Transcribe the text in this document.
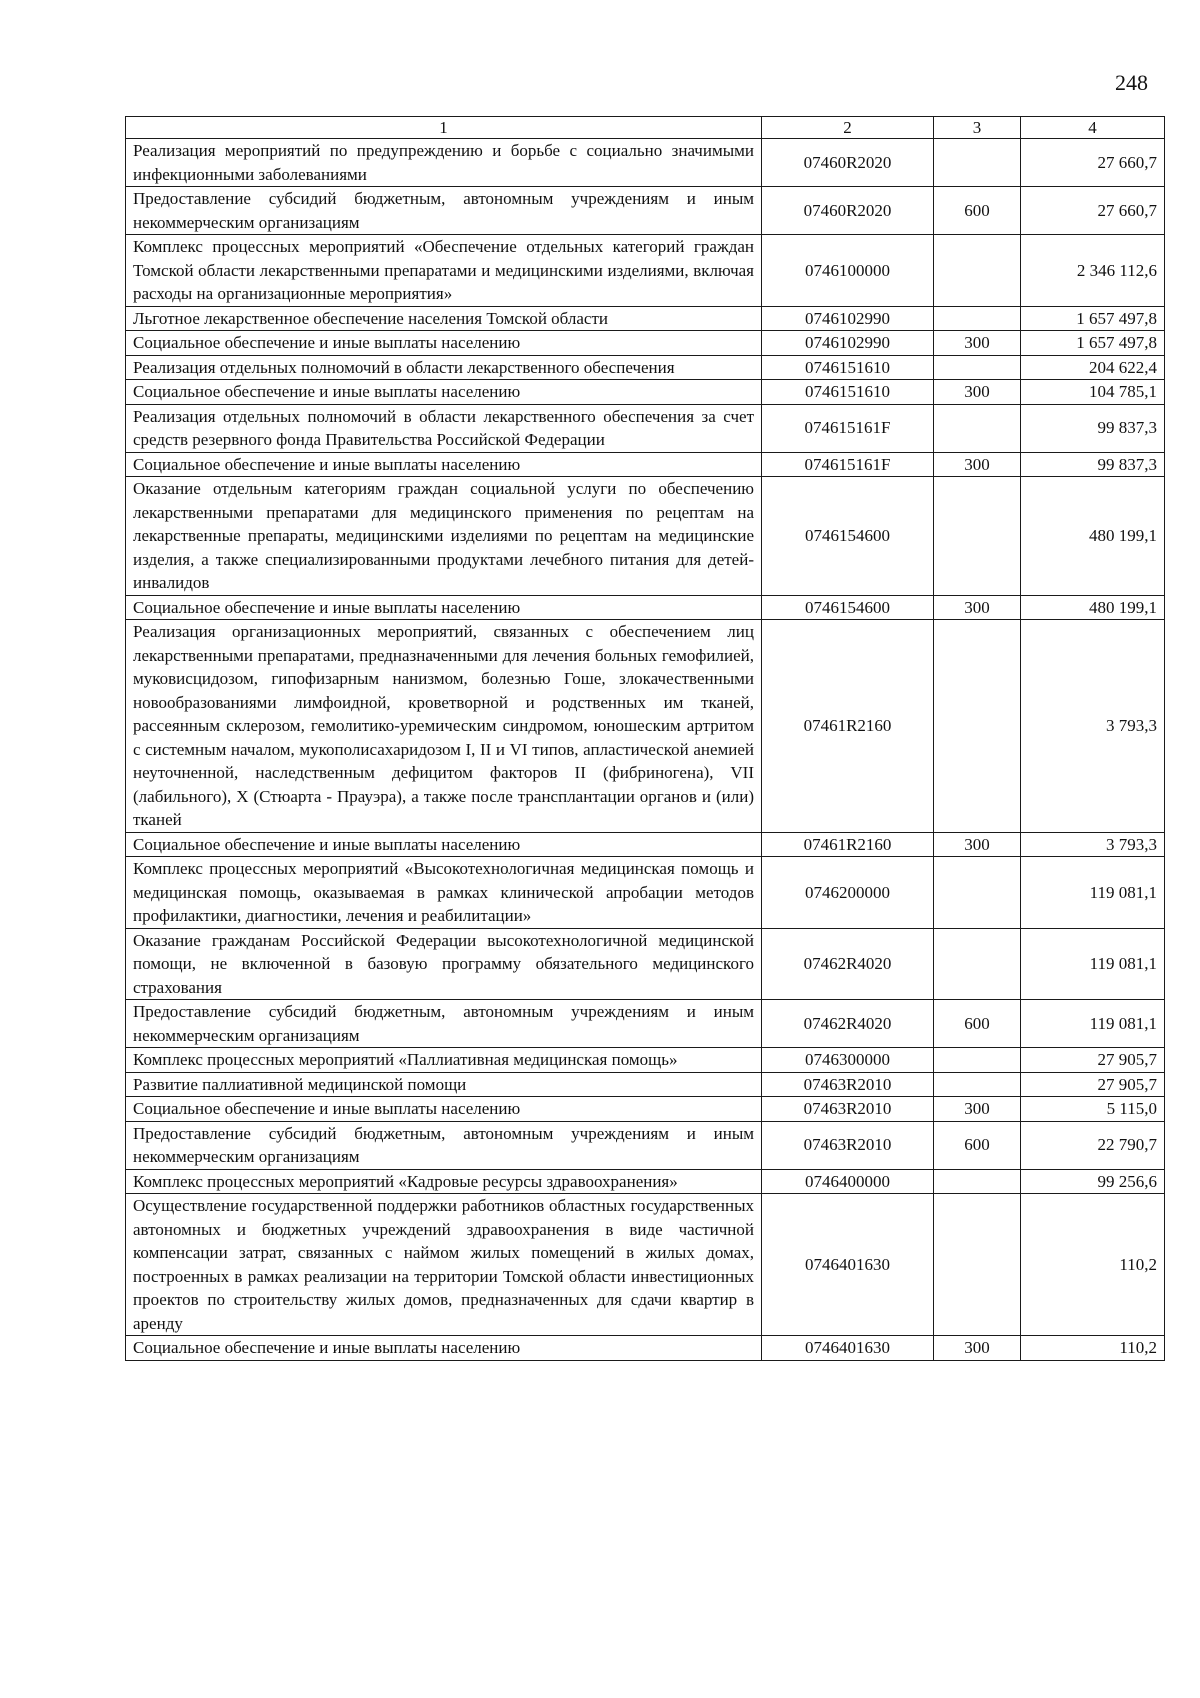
248
1	2	3	4
Реализация мероприятий по предупреждению и борьбе с социально значимыми инфекционными заболеваниями	07460R2020		27 660,7
Предоставление субсидий бюджетным, автономным учреждениям и иным некоммерческим организациям	07460R2020	600	27 660,7
Комплекс процессных мероприятий «Обеспечение отдельных категорий граждан Томской области лекарственными препаратами и медицинскими изделиями, включая расходы на организационные мероприятия»	0746100000		2 346 112,6
Льготное лекарственное обеспечение населения Томской области	0746102990		1 657 497,8
Социальное обеспечение и иные выплаты населению	0746102990	300	1 657 497,8
Реализация отдельных полномочий в области лекарственного обеспечения	0746151610		204 622,4
Социальное обеспечение и иные выплаты населению	0746151610	300	104 785,1
Реализация отдельных полномочий в области лекарственного обеспечения за счет средств резервного фонда Правительства Российской Федерации	074615161F		99 837,3
Социальное обеспечение и иные выплаты населению	074615161F	300	99 837,3
Оказание отдельным категориям граждан социальной услуги по обеспечению лекарственными препаратами для медицинского применения по рецептам на лекарственные препараты, медицинскими изделиями по рецептам на медицинские изделия, а также специализированными продуктами лечебного питания для детей-инвалидов	0746154600		480 199,1
Социальное обеспечение и иные выплаты населению	0746154600	300	480 199,1
Реализация организационных мероприятий, связанных с обеспечением лиц лекарственными препаратами, предназначенными для лечения больных гемофилией, муковисцидозом, гипофизарным нанизмом, болезнью Гоше, злокачественными новообразованиями лимфоидной, кроветворной и родственных им тканей, рассеянным склерозом, гемолитико-уремическим синдромом, юношеским артритом с системным началом, мукополисахаридозом I, II и VI типов, апластической анемией неуточненной, наследственным дефицитом факторов II (фибриногена), VII (лабильного), X (Стюарта - Прауэра), а также после трансплантации органов и (или) тканей	07461R2160		3 793,3
Социальное обеспечение и иные выплаты населению	07461R2160	300	3 793,3
Комплекс процессных мероприятий «Высокотехнологичная медицинская помощь и медицинская помощь, оказываемая в рамках клинической апробации методов профилактики, диагностики, лечения и реабилитации»	0746200000		119 081,1
Оказание гражданам Российской Федерации высокотехнологичной медицинской помощи, не включенной в базовую программу обязательного медицинского страхования	07462R4020		119 081,1
Предоставление субсидий бюджетным, автономным учреждениям и иным некоммерческим организациям	07462R4020	600	119 081,1
Комплекс процессных мероприятий «Паллиативная медицинская помощь»	0746300000		27 905,7
Развитие паллиативной медицинской помощи	07463R2010		27 905,7
Социальное обеспечение и иные выплаты населению	07463R2010	300	5 115,0
Предоставление субсидий бюджетным, автономным учреждениям и иным некоммерческим организациям	07463R2010	600	22 790,7
Комплекс процессных мероприятий «Кадровые ресурсы здравоохранения»	0746400000		99 256,6
Осуществление государственной поддержки работников областных государственных автономных и бюджетных учреждений здравоохранения в виде частичной компенсации затрат, связанных с наймом жилых помещений в жилых домах, построенных в рамках реализации на территории Томской области инвестиционных проектов по строительству жилых домов, предназначенных для сдачи квартир в аренду	0746401630		110,2
Социальное обеспечение и иные выплаты населению	0746401630	300	110,2
